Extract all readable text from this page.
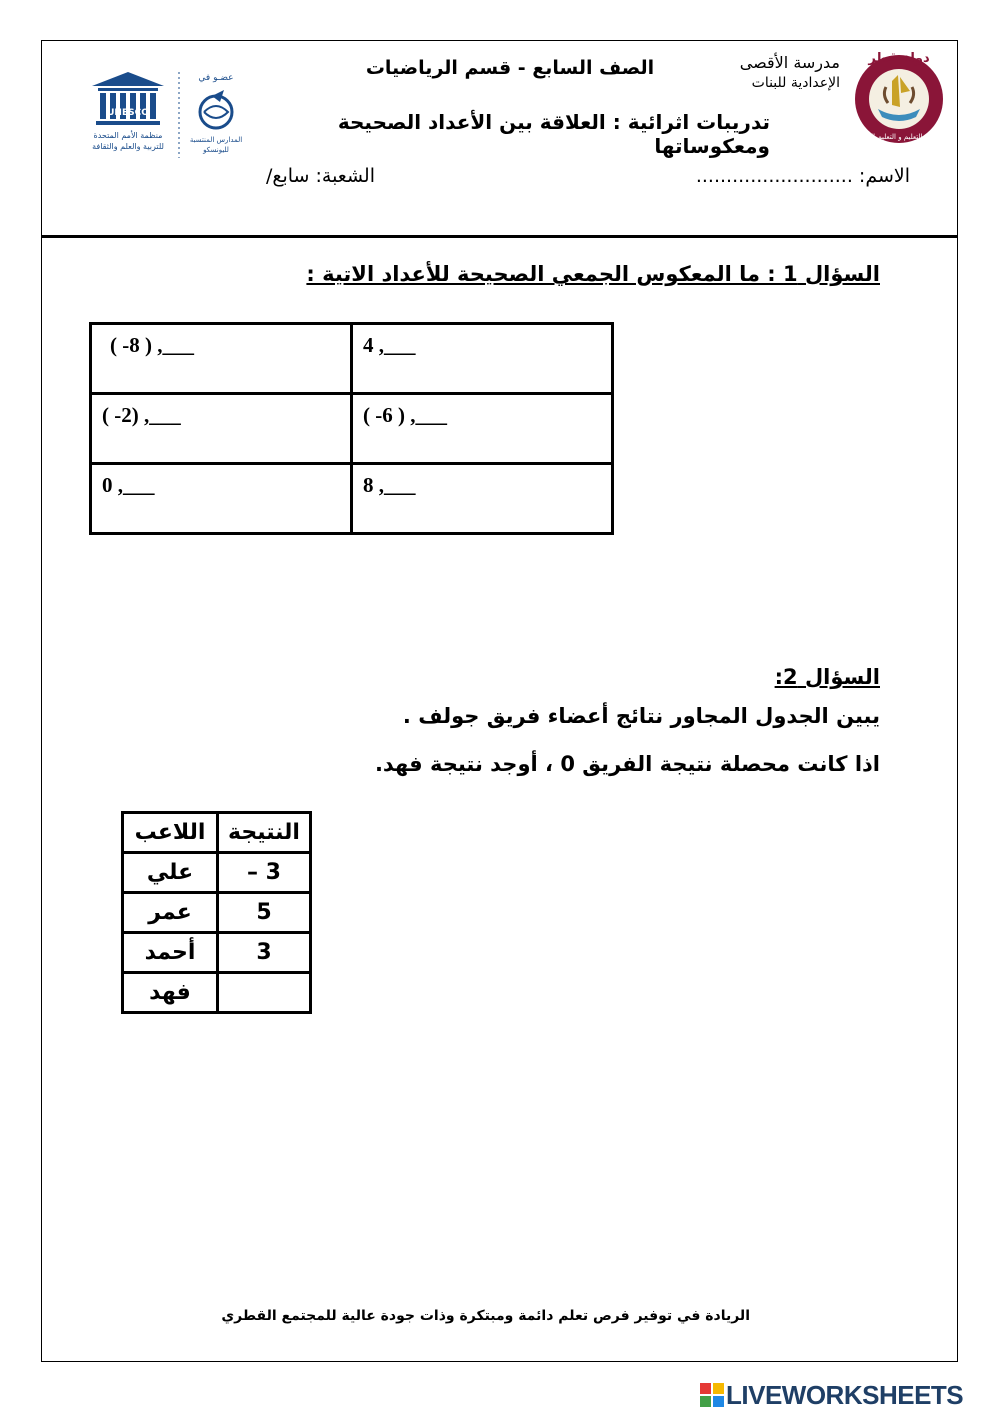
دولة قطر
وزارة التعليم و التعليم العالي
UNESCO
منظمة الأمم المتحدة
للتربية والعلم والثقافة
عضـو في
المدارس المنتسبة
لليونسكو
مدرسة الأقصى
الإعدادية للبنات
الصف السابع - قسم الرياضيات
تدريبات اثرائية : العلاقة بين الأعداد الصحيحة ومعكوساتها
الاسم: ..........................
الشعبة: سابع/
السؤال 1 : ما المعكوس الجمعي الصحيحة للأعداد الاتية :
( -8 ) ,___	4 ,___
( -2) ,___	( -6 ) ,___
0 ,___	8 ,___
السؤال 2:
يبين الجدول المجاور نتائج أعضاء فريق جولف .
اذا كانت محصلة نتيجة الفريق 0 ، أوجد نتيجة فهد.
النتيجة	اللاعب
3 –	علي
5	عمر
3	أحمد
	فهد
الريادة في توفير فرص تعلم دائمة ومبتكرة وذات جودة عالية للمجتمع القطري
LIVEWORKSHEETS
